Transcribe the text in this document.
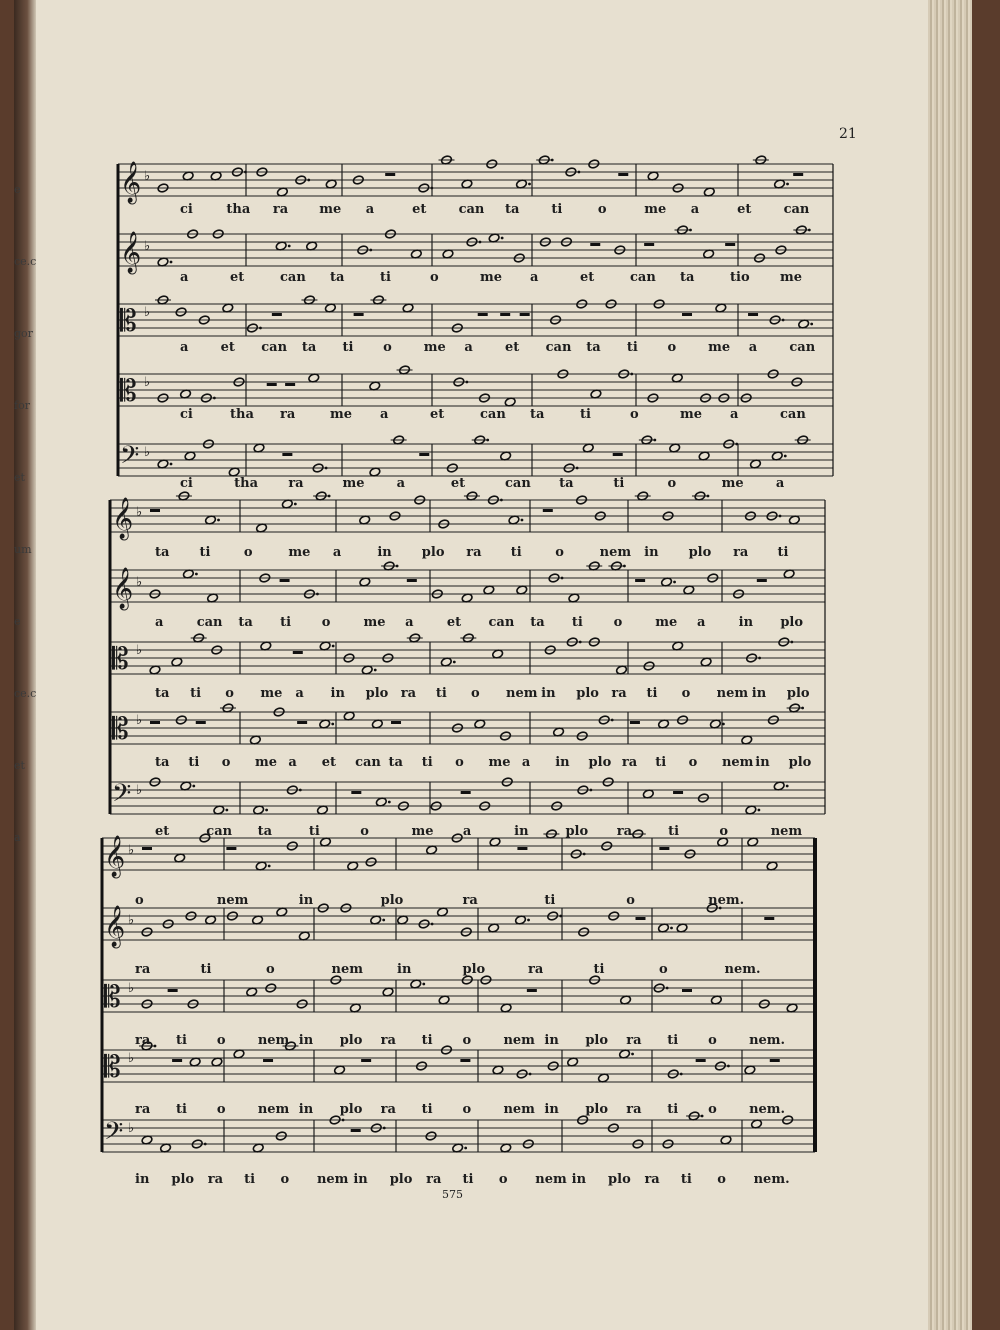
e
ce.c
gor
for
et
um
e
ce.c
et
a
21
575
𝄞 ♭
𝄞 ♭
𝄡 ♭
𝄡 ♭
𝄢 ♭
ci	tha ra me a	et can ta ti	o	me a	et can
a	et	can ta	ti	o	me a	et	can ta	tio me
a et can ta ti o me a et can ta ti o me a can
ci	tha ra	me a	et	can ta	ti	o	me a	can
ci	tha ra	me a	et	can ta	ti	o	me a
𝄞 ♭
𝄞 ♭
𝄡 ♭
𝄡 ♭
𝄢 ♭
ta ti	o	me a	in plo ra ti	o	nem in plo ra ti
a	can ta ti o	me a	et can ta ti o	me a	in plo
ta ti o me a in plo ra ti o nem in plo ra ti o nem in plo
ta ti o me a et can ta ti o me a in plo ra ti o nem in plo
et	can ta	ti	o	me a	in	plo ra	ti	o	nem
𝄞 ♭
𝄞 ♭
𝄡 ♭
𝄡 ♭
𝄢 ♭
o	nem	in	plo	ra	ti	o	nem.
ra	ti	o	nem	in	plo	ra	ti	o	nem.
ra ti o nem in plo ra ti o nem in plo ra ti o nem.
ra ti o nem in plo ra ti o nem in plo ra ti o nem.
in plo ra ti o nem in plo ra ti o nem in plo ra ti o nem.
